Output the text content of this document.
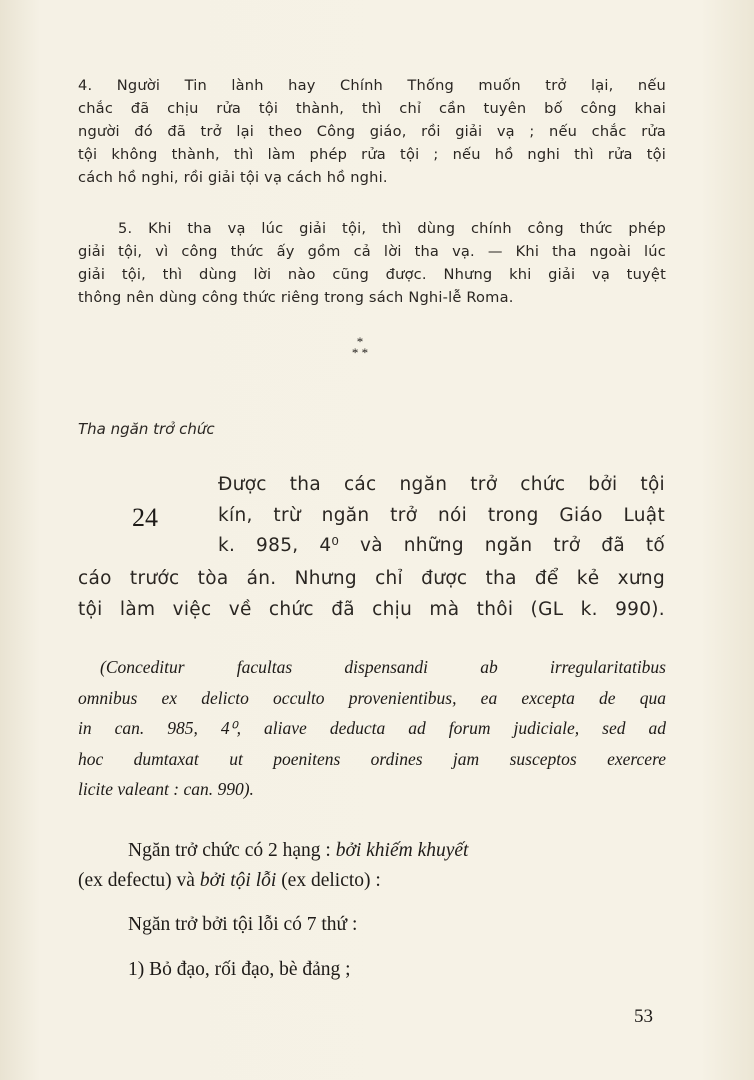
4. Người Tin lành hay Chính Thống muốn trở lại, nếu
chắc đã chịu rửa tội thành, thì chỉ cần tuyên bố công khai
người đó đã trở lại theo Công giáo, rồi giải vạ ; nếu chắc rửa
tội không thành, thì làm phép rửa tội ; nếu hồ nghi thì rửa tội
cách hồ nghi, rồi giải tội vạ cách hồ nghi.
5. Khi tha vạ lúc giải tội, thì dùng chính công thức phép
giải tội, vì công thức ấy gồm cả lời tha vạ. — Khi tha ngoài lúc
giải tội, thì dùng lời nào cũng được. Nhưng khi giải vạ tuyệt
thông nên dùng công thức riêng trong sách Nghi-lễ Roma.
*
* *
Tha ngăn trở chức
24
Được tha các ngăn trở chức bởi tội
kín, trừ ngăn trở nói trong Giáo Luật
k. 985, 4⁰ và những ngăn trở đã tố
cáo trước tòa án. Nhưng chỉ được tha để kẻ xưng
tội làm việc về chức đã chịu mà thôi (GL k. 990).
(Conceditur facultas dispensandi ab irregularitatibus
omnibus ex delicto occulto provenientibus, ea excepta de qua
in can. 985, 4⁰, aliave deducta ad forum judiciale, sed ad
hoc dumtaxat ut poenitens ordines jam susceptos exercere
licite valeant : can. 990).
Ngăn trở chức có 2 hạng : bởi khiếm khuyết
(ex defectu) và bởi tội lỗi (ex delicto) :
Ngăn trở bởi tội lỗi có 7 thứ :
1) Bỏ đạo, rối đạo, bè đảng ;
53
